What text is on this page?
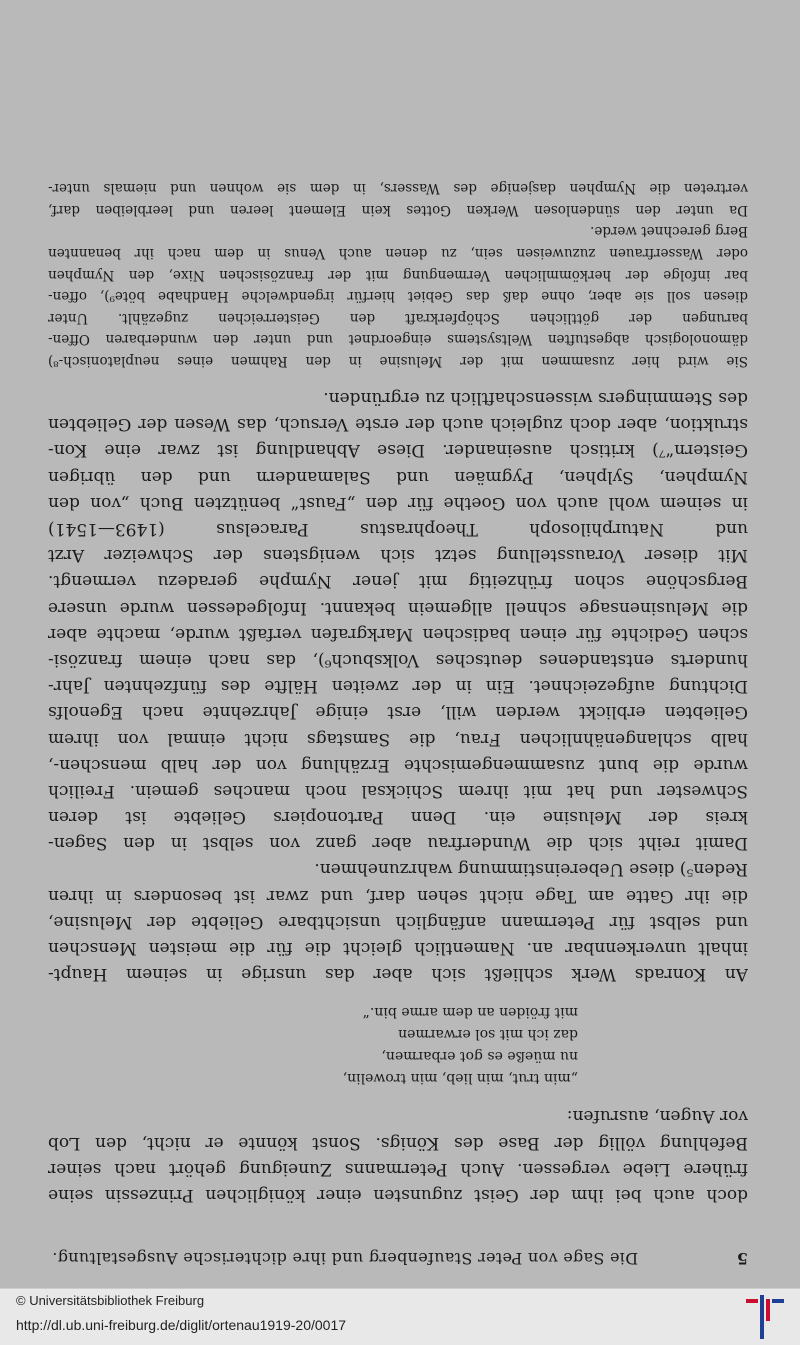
5
Die Sage von Peter Staufenberg und ihre dichterische Ausgestaltung.
doch auch bei ihm der Geist zugunsten einer königlichen Prinzessin seine
frühere Liebe vergessen. Auch Petermanns Zuneigung gehört nach seiner
Befehlung völlig der Base des Königs. Sonst könnte er nicht, den Lob
vor Augen, ausrufen:
„min trut, min lieb, min trowelin,
nu müeße es got erbarmen,
daz ich mit sol erwarmen
mit fröiden an dem arme bin.“
An Konrads Werk schließt sich aber das unsrige in seinem Haupt-
inhalt unverkennbar an. Namentlich gleicht die für die meisten Menschen
und selbst für Petermann anfänglich unsichtbare Geliebte der Melusine,
die ihr Gatte am Tage nicht sehen darf, und zwar ist besonders in ihren
Reden⁵) diese Uebereinstimmung wahrzunehmen.
Damit reiht sich die Wunderfrau aber ganz von selbst in den Sagen-
kreis der Melusine ein. Denn Partonopiers Geliebte ist deren
Schwester und hat mit ihrem Schicksal noch manches gemein. Freilich
wurde die bunt zusammengemischte Erzählung von der halb menschen-,
halb schlangenähnlichen Frau, die Samstags nicht einmal von ihrem
Geliebten erblickt werden will, erst einige Jahrzehnte nach Egenolfs
Dichtung aufgezeichnet. Ein in der zweiten Hälfte des fünfzehnten Jahr-
hunderts entstandenes deutsches Volksbuch⁶), das nach einem französi-
schen Gedichte für einen badischen Markgrafen verfaßt wurde, machte aber
die Melusinensage schnell allgemein bekannt. Infolgedessen wurde unsere
Bergschöne schon frühzeitig mit jener Nymphe geradezu vermengt.
Mit dieser Vorausstellung setzt sich wenigstens der Schweizer Arzt
und Naturphilosoph Theophrastus Paracelsus (1493—1541)
in seinem wohl auch von Goethe für den „Faust“ benützten Buch „von den
Nymphen, Sylphen, Pygmäen und Salamandern und den übrigen
Geistern“⁷) kritisch auseinander. Diese Abhandlung ist zwar eine Kon-
struktion, aber doch zugleich auch der erste Versuch, das Wesen der Geliebten
des Stemmingers wissenschaftlich zu ergründen.
Sie wird hier zusammen mit der Melusine in den Rahmen eines neuplatonisch-⁸)
dämonologisch abgestuften Weltsystems eingeordnet und unter den wunderbaren Offen-
barungen der göttlichen Schöpferkraft den Geisterreichen zugezählt. Unter
diesen soll sie aber, ohne daß das Gebiet hierfür irgendwelche Handhabe böte⁹), offen-
bar infolge der herkömmlichen Vermengung mit der französischen Nixe, den Nymphen
oder Wasserfrauen zuzuweisen sein, zu denen auch Venus in dem nach ihr benannten
Berg gerechnet werde.
Da unter den sündenlosen Werken Gottes kein Element leeren und leerbleiben darf,
vertreten die Nymphen dasjenige des Wassers, in dem sie wohnen und niemals unter-
© Universitätsbibliothek Freiburg
http://dl.ub.uni-freiburg.de/diglit/ortenau1919-20/0017
